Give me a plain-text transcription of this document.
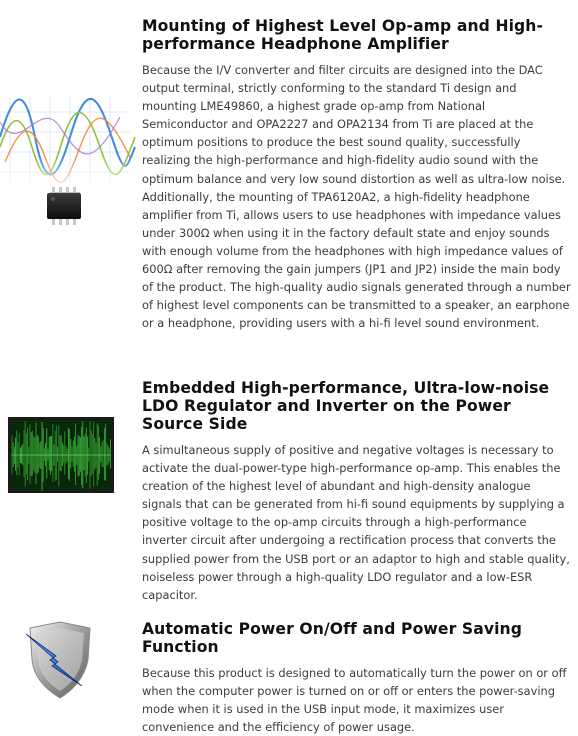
Mounting of Highest Level Op-amp and High-performance Headphone Amplifier

Because the I/V converter and filter circuits are designed into the DAC output terminal, strictly conforming to the standard Ti design and mounting LME49860, a highest grade op-amp from National Semiconductor and OPA2227 and OPA2134 from Ti are placed at the optimum positions to produce the best sound quality, successfully realizing the high-performance and high-fidelity audio sound with the optimum balance and very low sound distortion as well as ultra-low noise. Additionally, the mounting of TPA6120A2, a high-fidelity headphone amplifier from Ti, allows users to use headphones with impedance values under 300Ω when using it in the factory default state and enjoy sounds with enough volume from the headphones with high impedance values of 600Ω after removing the gain jumpers (JP1 and JP2) inside the main body of the product. The high-quality audio signals generated through a number of highest level components can be transmitted to a speaker, an earphone or a headphone, providing users with a hi-fi level sound environment.

Embedded High-performance, Ultra-low-noise LDO Regulator and Inverter on the Power Source Side

A simultaneous supply of positive and negative voltages is necessary to activate the dual-power-type high-performance op-amp. This enables the creation of the highest level of abundant and high-density analogue signals that can be generated from hi-fi sound equipments by supplying a positive voltage to the op-amp circuits through a high-performance inverter circuit after undergoing a rectification process that converts the supplied power from the USB port or an adaptor to high and stable quality, noiseless power through a high-quality LDO regulator and a low-ESR capacitor.

Automatic Power On/Off and Power Saving Function

Because this product is designed to automatically turn the power on or off when the computer power is turned on or off or enters the power-saving mode when it is used in the USB input mode, it maximizes user convenience and the efficiency of power usage.
